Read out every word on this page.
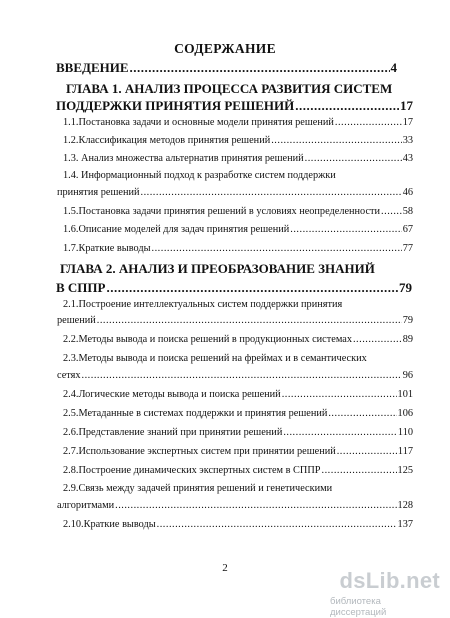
СОДЕРЖАНИЕ
ВВЕДЕНИЕ .....	4
ГЛАВА 1. АНАЛИЗ ПРОЦЕССА РАЗВИТИЯ СИСТЕМ
ПОДДЕРЖКИ ПРИНЯТИЯ РЕШЕНИЙ .....	17
1.1.Постановка задачи и основные модели принятия решений .....	17
1.2.Классификация методов принятия решений .....	33
1.3. Анализ множества альтернатив принятия решений .....	43
1.4. Информационный подход к разработке систем поддержки
принятия решений .....	46
1.5.Постановка задачи принятия решений в условиях неопределенности ..... 58
1.6.Описание моделей для задач принятия решений .....	67
1.7.Краткие выводы .....	77
ГЛАВА 2. АНАЛИЗ И ПРЕОБРАЗОВАНИЕ ЗНАНИЙ
В СППР .....	79
2.1.Построение интеллектуальных систем поддержки принятия
решений .....	79
2.2.Методы вывода и поиска решений в продукционных системах .....	89
2.3.Методы вывода и поиска решений на фреймах и в семантических
сетях .....	96
2.4.Логические методы вывода и поиска решений .....	101
2.5.Метаданные в системах поддержки и принятия решений .....	106
2.6.Представление знаний при принятии решений .....	110
2.7.Использование экспертных систем при принятии решений .....	117
2.8.Построение динамических экспертных систем в СППР .....	125
2.9.Связь между задачей принятия решений и генетическими
алгоритмами .....	128
2.10.Краткие выводы .....	137
2	dsLib.net
библиотека диссертаций
